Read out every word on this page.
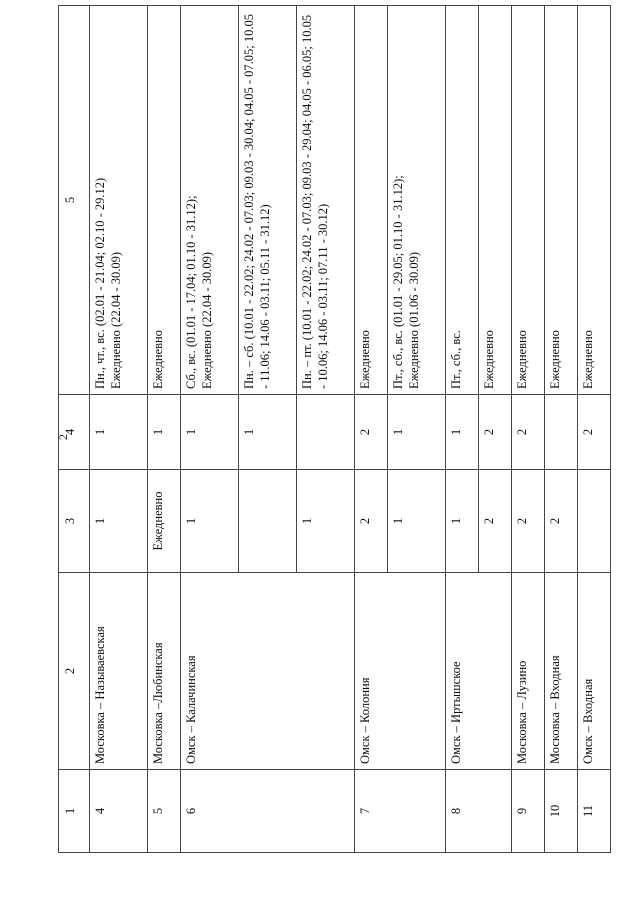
2
1	2	3	4	5
4	Московка – Называевская	1	1	Пн., чт., вс. (02.01 - 21.04; 02.10 - 29.12)
Ежедневно (22.04 - 30.09)
5	Московка –Любинская	Ежедневно	1	Ежедневно
6	Омск – Калачинская	1	1	Сб., вс. (01.01 - 17.04; 01.10 - 31.12);
Ежедневно (22.04 - 30.09)
			1	Пн. – сб. (10.01 - 22.02; 24.02 - 07.03; 09.03 - 30.04; 04.05 - 07.05; 10.05 - 11.06; 14.06 - 03.11; 05.11 - 31.12)
		1		Пн. – пт. (10.01 - 22.02; 24.02 - 07.03; 09.03 - 29.04; 04.05 - 06.05; 10.05 - 10.06; 14.06 - 03.11; 07.11 - 30.12)
7	Омск – Колония	2	2	Ежедневно
		1	1	Пт., сб., вс. (01.01 - 29.05; 01.10 - 31.12);
Ежедневно (01.06 - 30.09)
8	Омск – Иртышское	1	1	Пт., сб., вс.
		2	2	Ежедневно
9	Московка – Лузино	2	2	Ежедневно
10	Московка – Входная	2		Ежедневно
11	Омск – Входная		2	Ежедневно
